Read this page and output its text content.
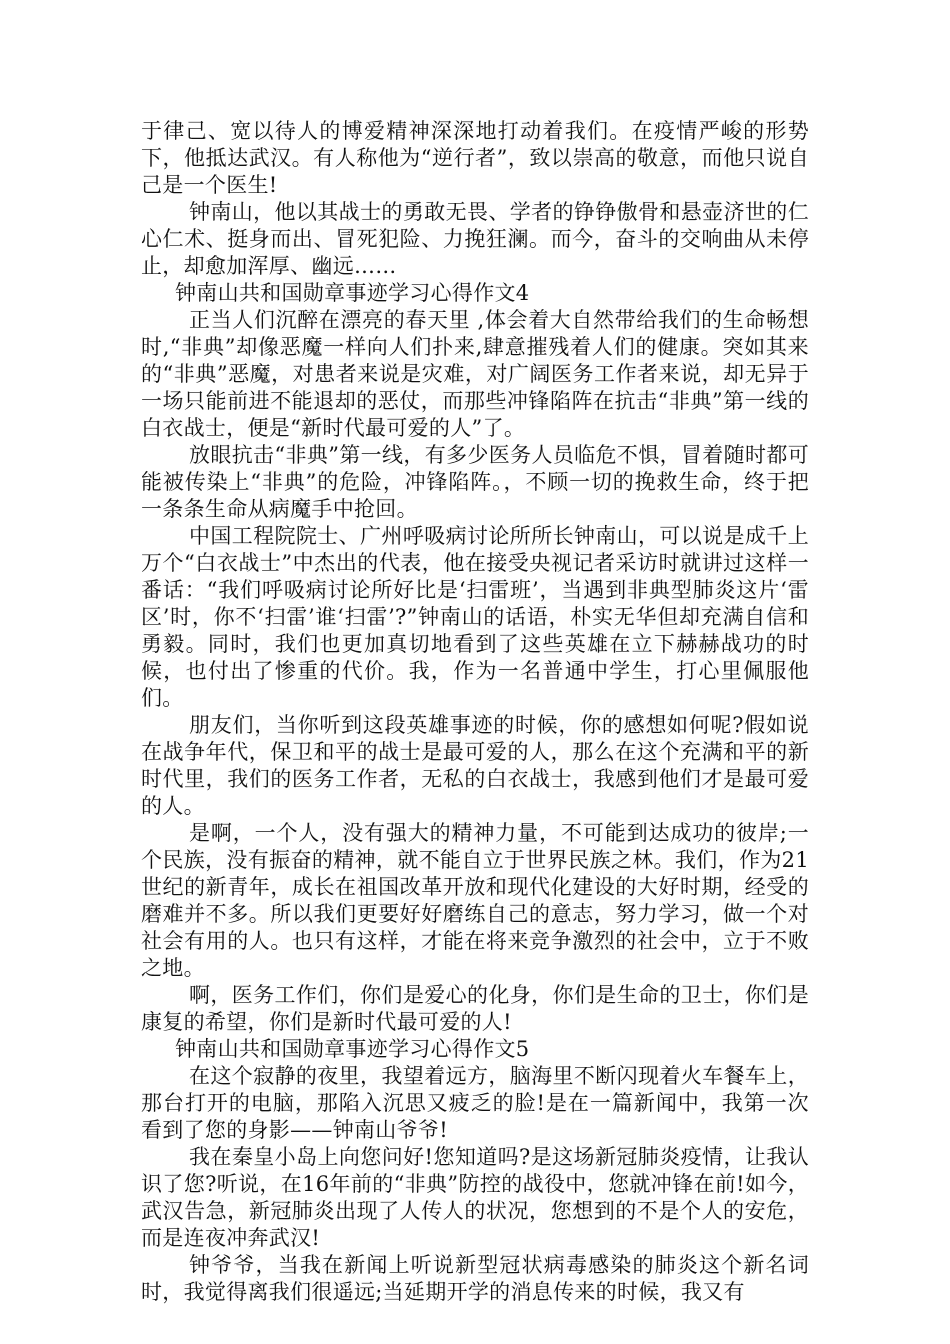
于律己、宽以待人的博爱精神深深地打动着我们。在疫情严峻的形势下，他抵达武汉。有人称他为“逆行者”，致以崇高的敬意，而他只说自己是一个医生!

钟南山，他以其战士的勇敢无畏、学者的铮铮傲骨和悬壶济世的仁心仁术、挺身而出、冒死犯险、力挽狂澜。而今，奋斗的交响曲从未停止，却愈加浑厚、幽远……

钟南山共和国勋章事迹学习心得作文4

正当人们沉醉在漂亮的春天里 ,体会着大自然带给我们的生命畅想时,“非典”却像恶魔一样向人们扑来,肆意摧残着人们的健康。突如其来的“非典”恶魔，对患者来说是灾难，对广阔医务工作者来说，却无异于一场只能前进不能退却的恶仗，而那些冲锋陷阵在抗击“非典”第一线的白衣战士，便是“新时代最可爱的人”了。

放眼抗击“非典”第一线，有多少医务人员临危不惧，冒着随时都可能被传染上“非典”的危险，冲锋陷阵。，不顾一切的挽救生命，终于把一条条生命从病魔手中抢回。

中国工程院院士、广州呼吸病讨论所所长钟南山，可以说是成千上万个“白衣战士”中杰出的代表，他在接受央视记者采访时就讲过这样一番话：“我们呼吸病讨论所好比是‘扫雷班’，当遇到非典型肺炎这片‘雷区’时，你不‘扫雷’谁‘扫雷’?”钟南山的话语，朴实无华但却充满自信和勇毅。同时，我们也更加真切地看到了这些英雄在立下赫赫战功的时候，也付出了惨重的代价。我，作为一名普通中学生，打心里佩服他们。

朋友们，当你听到这段英雄事迹的时候，你的感想如何呢?假如说在战争年代，保卫和平的战士是最可爱的人，那么在这个充满和平的新时代里，我们的医务工作者，无私的白衣战士，我感到他们才是最可爱的人。

是啊，一个人，没有强大的精神力量，不可能到达成功的彼岸;一个民族，没有振奋的精神，就不能自立于世界民族之林。我们，作为21世纪的新青年，成长在祖国改革开放和现代化建设的大好时期，经受的磨难并不多。所以我们更要好好磨练自己的意志，努力学习，做一个对社会有用的人。也只有这样，才能在将来竞争激烈的社会中，立于不败之地。

啊，医务工作们，你们是爱心的化身，你们是生命的卫士，你们是康复的希望，你们是新时代最可爱的人!

钟南山共和国勋章事迹学习心得作文5

在这个寂静的夜里，我望着远方，脑海里不断闪现着火车餐车上，那台打开的电脑，那陷入沉思又疲乏的脸!是在一篇新闻中，我第一次看到了您的身影——钟南山爷爷!

我在秦皇小岛上向您问好!您知道吗?是这场新冠肺炎疫情，让我认识了您?听说，在16年前的“非典”防控的战役中，您就冲锋在前!如今，武汉告急，新冠肺炎出现了人传人的状况，您想到的不是个人的安危，而是连夜冲奔武汉!

钟爷爷，当我在新闻上听说新型冠状病毒感染的肺炎这个新名词时，我觉得离我们很遥远;当延期开学的消息传来的时候，我又有
